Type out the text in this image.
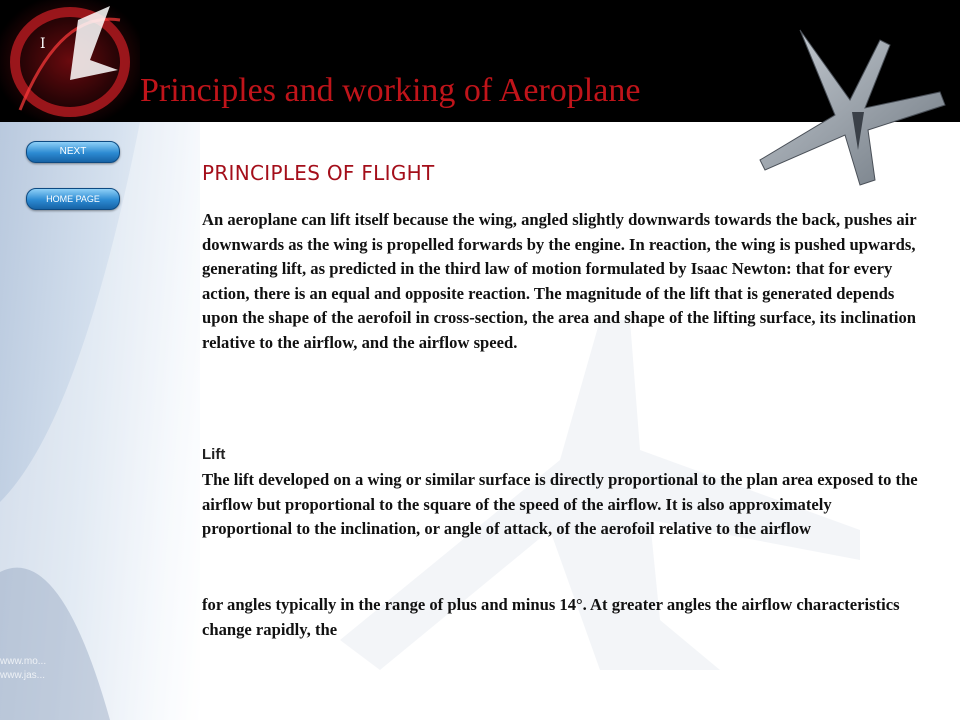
I
Principles and working of Aeroplane
NEXT
HOME PAGE
www.mo...
www.jas...
PRINCIPLES OF FLIGHT
An aeroplane can lift itself because the wing, angled slightly downwards towards the back, pushes air downwards as the wing is propelled forwards by the engine. In reaction, the wing is pushed upwards, generating lift, as predicted in the third law of motion formulated by Isaac Newton: that for every action, there is an equal and opposite reaction. The magnitude of the lift that is generated depends upon the shape of the aerofoil in cross-section, the area and shape of the lifting surface, its inclination relative to the airflow, and the airflow speed.
Lift
The lift developed on a wing or similar surface is directly proportional to the plan area exposed to the airflow but proportional to the square of the speed of the airflow. It is also approximately proportional to the inclination, or angle of attack, of the aerofoil relative to the airflow
for angles typically in the range of plus and minus 14°. At greater angles the airflow characteristics change rapidly, the
